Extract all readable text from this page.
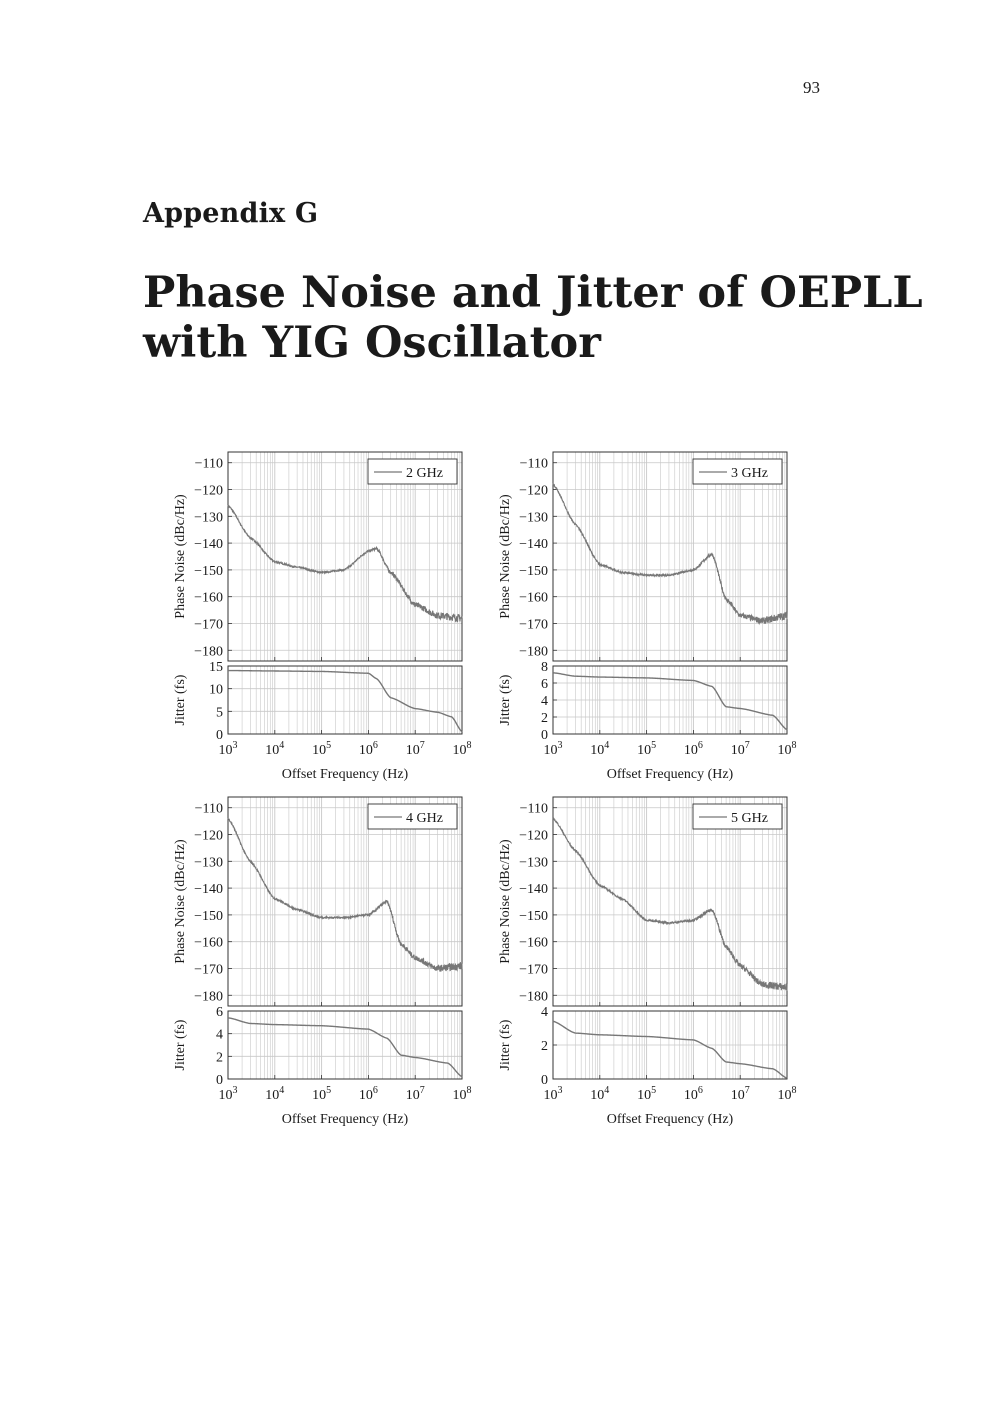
93
Appendix G
Phase Noise and Jitter of OEPLL
with YIG Oscillator
−110
−120
−130
−140
−150
−160
−170
−180
Phase Noise (dBc/Hz)
2 GHz
0
5
10
15
Jitter (fs)
$10^3$ $10^4$ $10^5$ $10^6$ $10^7$ $10^8$
Offset Frequency (Hz)
−110
−120
−130
−140
−150
−160
−170
−180
Phase Noise (dBc/Hz)
3 GHz
0
2
4
6
8
Jitter (fs)
$10^3$ $10^4$ $10^5$ $10^6$ $10^7$ $10^8$
Offset Frequency (Hz)
−110
−120
−130
−140
−150
−160
−170
−180
Phase Noise (dBc/Hz)
4 GHz
0
2
4
6
Jitter (fs)
$10^3$ $10^4$ $10^5$ $10^6$ $10^7$ $10^8$
Offset Frequency (Hz)
−110
−120
−130
−140
−150
−160
−170
−180
Phase Noise (dBc/Hz)
5 GHz
0
2
4
Jitter (fs)
$10^3$ $10^4$ $10^5$ $10^6$ $10^7$ $10^8$
Offset Frequency (Hz)
